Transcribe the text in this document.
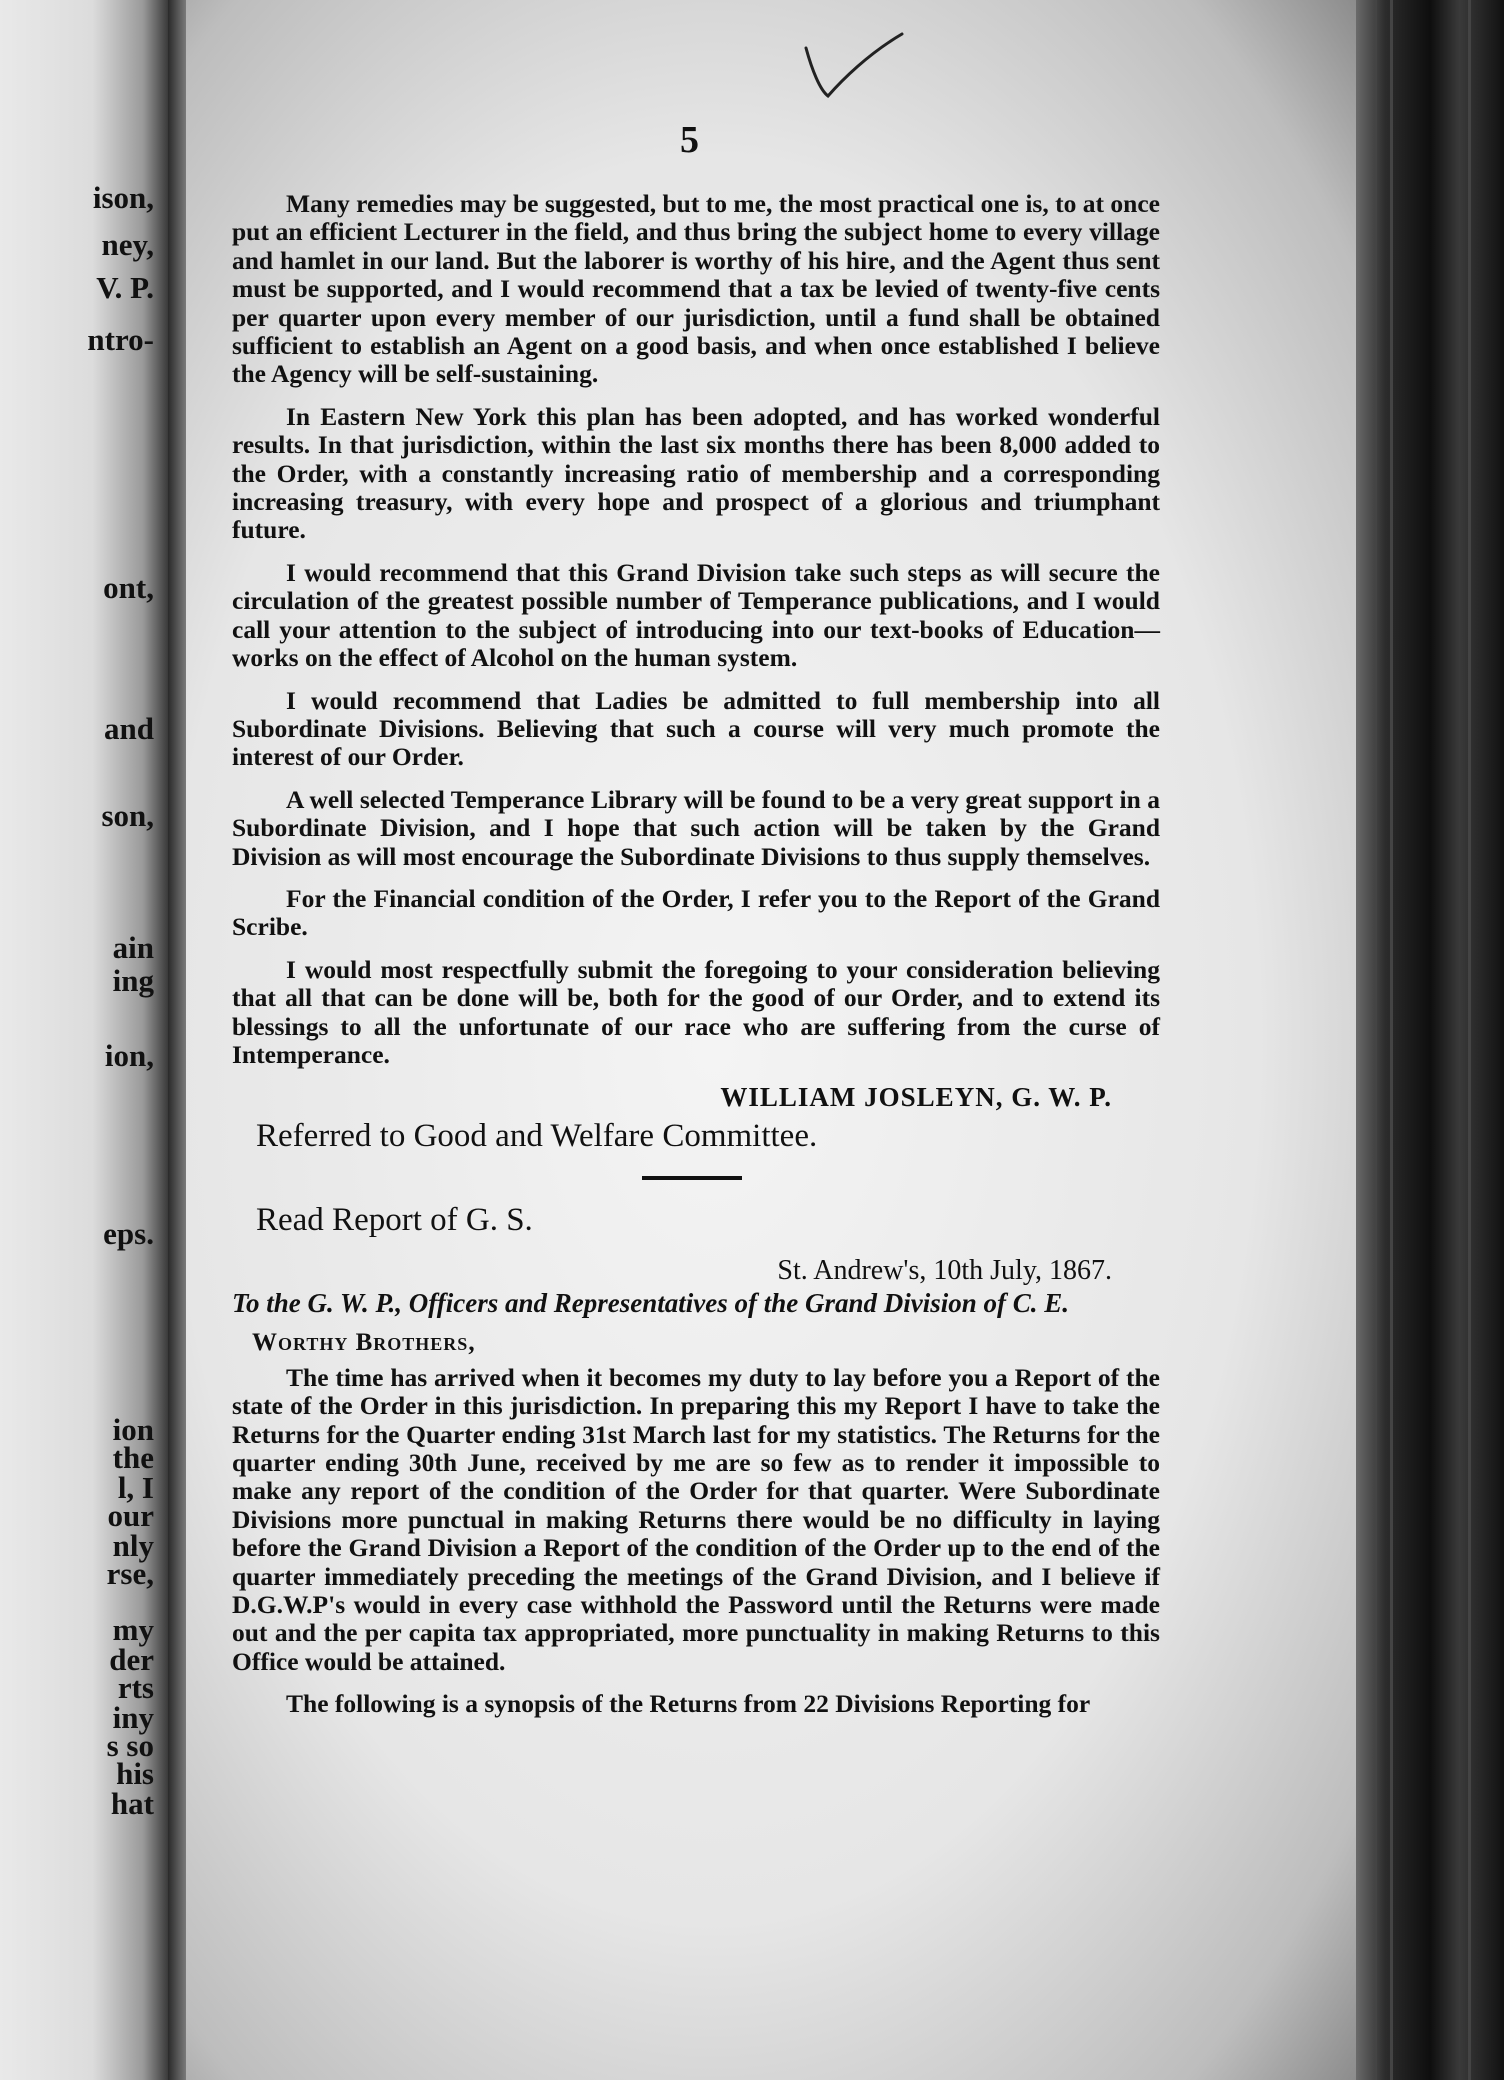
ison,
ney,
V. P.
ntro-
ont,
and
son,
ain
ing
ion,
eps.
ion
the
l, I
our
nly
rse,
my
der
rts
iny
s so
his
hat
5

Many remedies may be suggested, but to me, the most practical one is, to at once put an efficient Lecturer in the field, and thus bring the subject home to every village and hamlet in our land. But the laborer is worthy of his hire, and the Agent thus sent must be supported, and I would recommend that a tax be levied of twenty-five cents per quarter upon every member of our jurisdiction, until a fund shall be obtained sufficient to establish an Agent on a good basis, and when once established I believe the Agency will be self-sustaining.

In Eastern New York this plan has been adopted, and has worked wonderful results. In that jurisdiction, within the last six months there has been 8,000 added to the Order, with a constantly increasing ratio of membership and a corresponding increasing treasury, with every hope and prospect of a glorious and triumphant future.

I would recommend that this Grand Division take such steps as will secure the circulation of the greatest possible number of Temperance publications, and I would call your attention to the subject of introducing into our text-books of Education—works on the effect of Alcohol on the human system.

I would recommend that Ladies be admitted to full membership into all Subordinate Divisions. Believing that such a course will very much promote the interest of our Order.

A well selected Temperance Library will be found to be a very great support in a Subordinate Division, and I hope that such action will be taken by the Grand Division as will most encourage the Subordinate Divisions to thus supply themselves.

For the Financial condition of the Order, I refer you to the Report of the Grand Scribe.

I would most respectfully submit the foregoing to your consideration believing that all that can be done will be, both for the good of our Order, and to extend its blessings to all the unfortunate of our race who are suffering from the curse of Intemperance.

WILLIAM JOSLEYN, G. W. P.

Referred to Good and Welfare Committee.

Read Report of G. S.

St. Andrew's, 10th July, 1867.

To the G. W. P., Officers and Representatives of the Grand Division of C. E.

Worthy Brothers,

The time has arrived when it becomes my duty to lay before you a Report of the state of the Order in this jurisdiction. In preparing this my Report I have to take the Returns for the Quarter ending 31st March last for my statistics. The Returns for the quarter ending 30th June, received by me are so few as to render it impossible to make any report of the condition of the Order for that quarter. Were Subordinate Divisions more punctual in making Returns there would be no difficulty in laying before the Grand Division a Report of the condition of the Order up to the end of the quarter immediately preceding the meetings of the Grand Division, and I believe if D.G.W.P's would in every case withhold the Password until the Returns were made out and the per capita tax appropriated, more punctuality in making Returns to this Office would be attained.

The following is a synopsis of the Returns from 22 Divisions Reporting for
